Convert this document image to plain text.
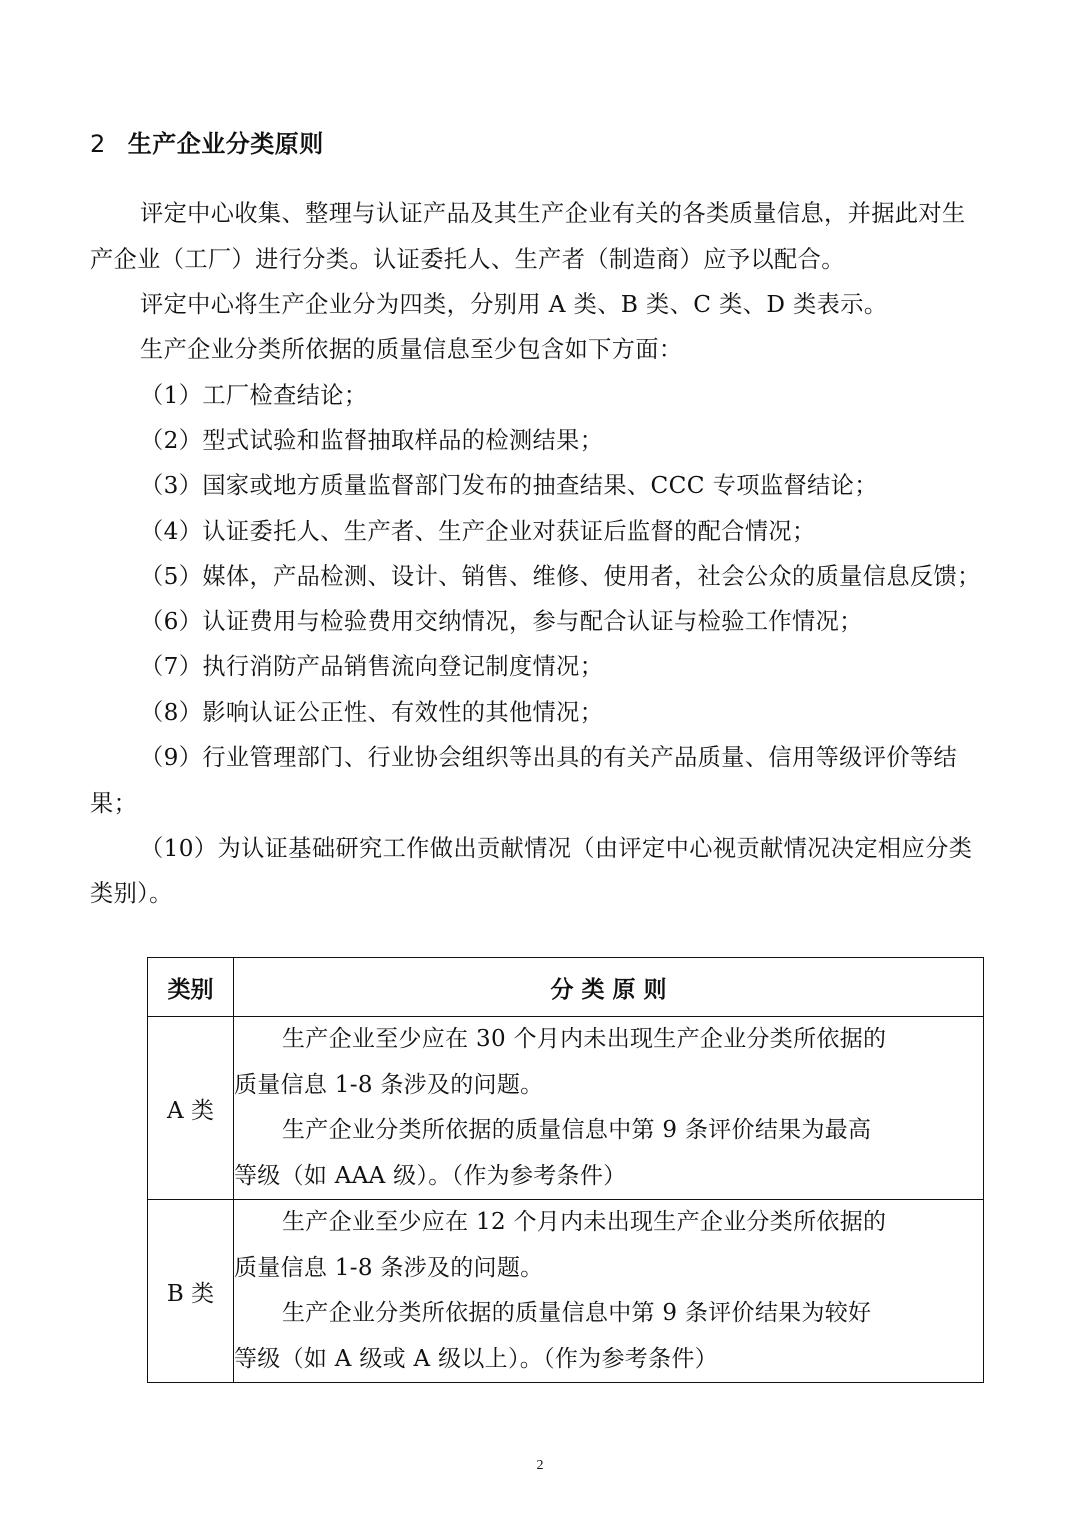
2 生产企业分类原则
评定中心收集、整理与认证产品及其生产企业有关的各类质量信息，并据此对生
产企业（工厂）进行分类。认证委托人、生产者（制造商）应予以配合。
评定中心将生产企业分为四类，分别用 A 类、B 类、C 类、D 类表示。
生产企业分类所依据的质量信息至少包含如下方面：
（1）工厂检查结论；
（2）型式试验和监督抽取样品的检测结果；
（3）国家或地方质量监督部门发布的抽查结果、CCC 专项监督结论；
（4）认证委托人、生产者、生产企业对获证后监督的配合情况；
（5）媒体，产品检测、设计、销售、维修、使用者，社会公众的质量信息反馈；
（6）认证费用与检验费用交纳情况，参与配合认证与检验工作情况；
（7）执行消防产品销售流向登记制度情况；
（8）影响认证公正性、有效性的其他情况；
（9）行业管理部门、行业协会组织等出具的有关产品质量、信用等级评价等结
果；
（10）为认证基础研究工作做出贡献情况（由评定中心视贡献情况决定相应分类
类别）。
类别	分 类 原 则
A 类	生产企业至少应在 30 个月内未出现生产企业分类所依据的
质量信息 1-8 条涉及的问题。
生产企业分类所依据的质量信息中第 9 条评价结果为最高
等级（如 AAA 级）。（作为参考条件）

B 类	生产企业至少应在 12 个月内未出现生产企业分类所依据的
质量信息 1-8 条涉及的问题。
生产企业分类所依据的质量信息中第 9 条评价结果为较好
等级（如 A 级或 A 级以上）。（作为参考条件）
2
